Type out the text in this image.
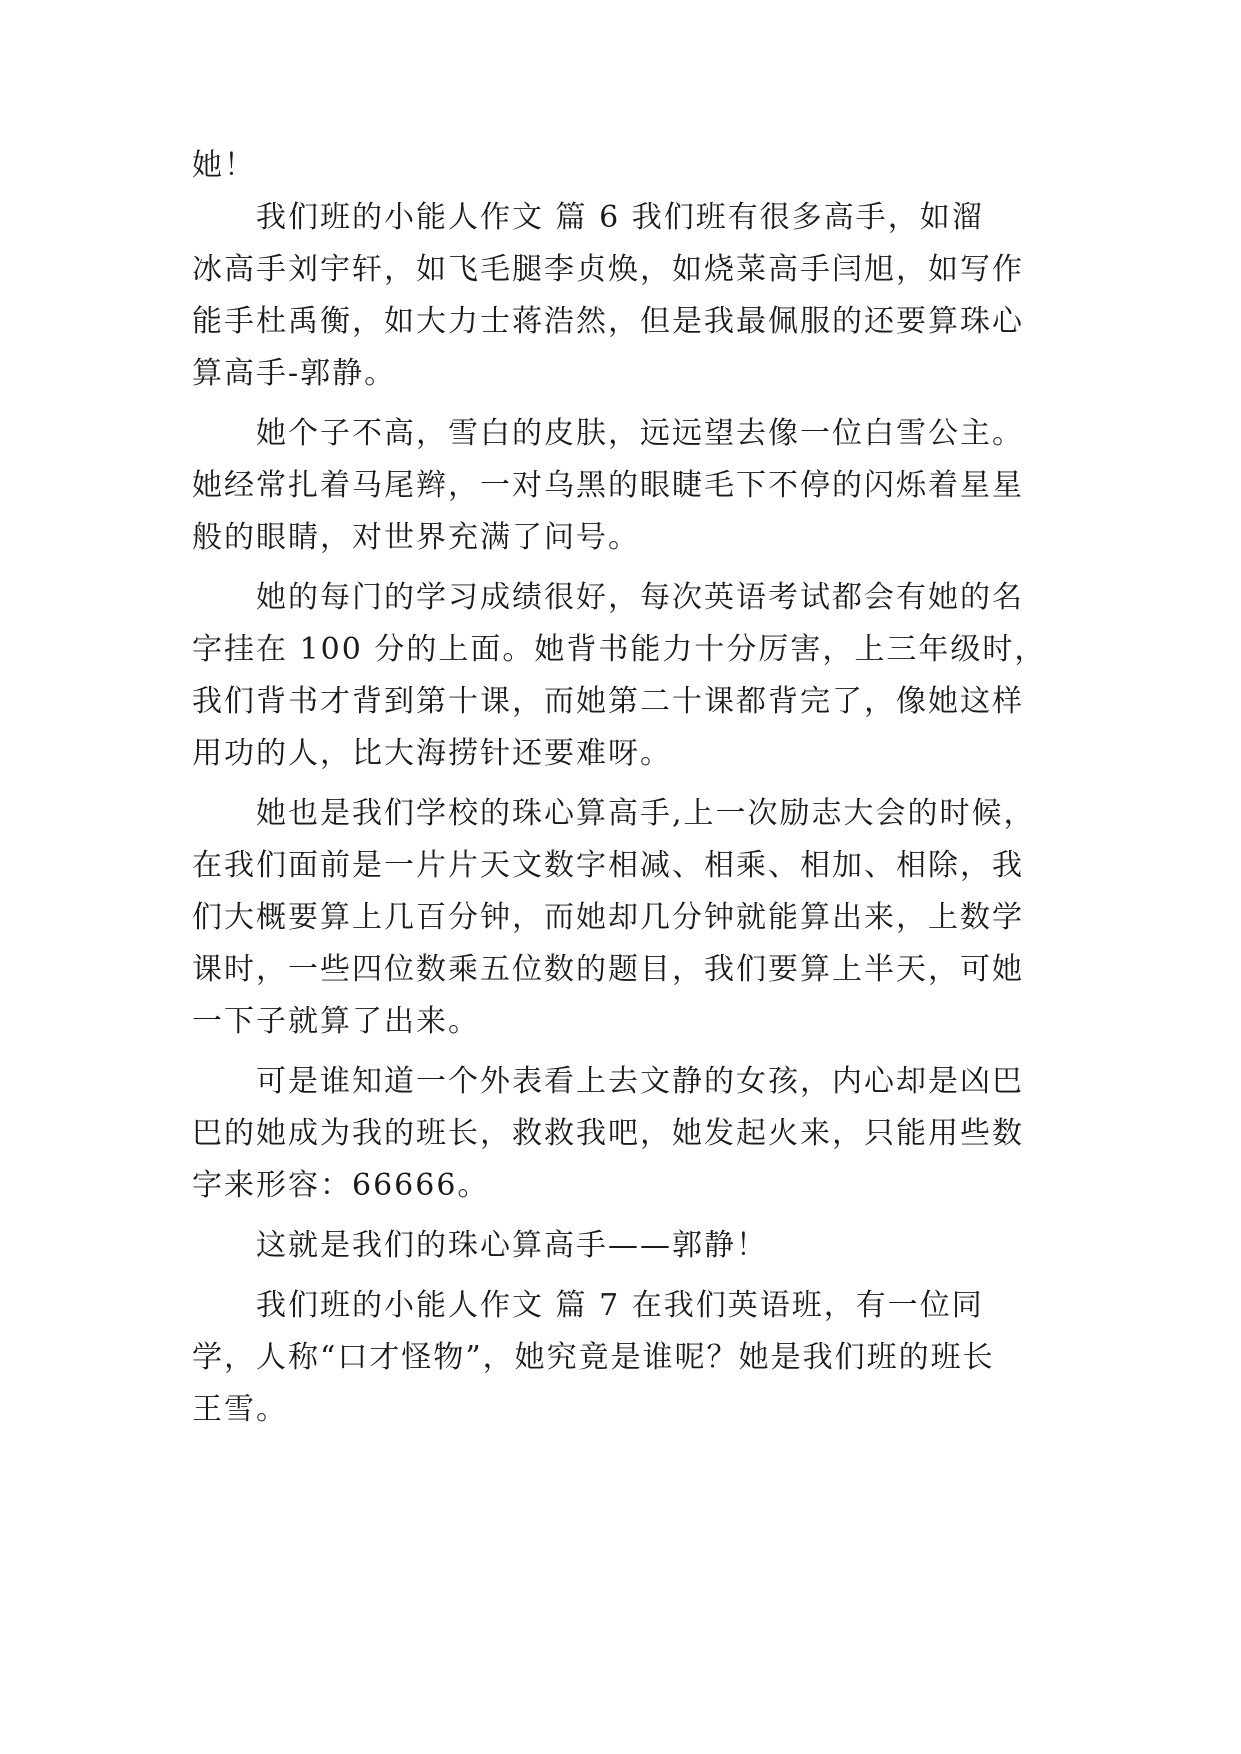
她！
我们班的小能人作文 篇 6 我们班有很多高手，如溜
冰高手刘宇轩，如飞毛腿李贞焕，如烧菜高手闫旭，如写作
能手杜禹衡，如大力士蒋浩然，但是我最佩服的还要算珠心
算高手-郭静。
她个子不高，雪白的皮肤，远远望去像一位白雪公主。
她经常扎着马尾辫，一对乌黑的眼睫毛下不停的闪烁着星星
般的眼睛，对世界充满了问号。
她的每门的学习成绩很好，每次英语考试都会有她的名
字挂在 100 分的上面。她背书能力十分厉害，上三年级时，
我们背书才背到第十课，而她第二十课都背完了，像她这样
用功的人，比大海捞针还要难呀。
她也是我们学校的珠心算高手,上一次励志大会的时候，
在我们面前是一片片天文数字相减、相乘、相加、相除，我
们大概要算上几百分钟，而她却几分钟就能算出来，上数学
课时，一些四位数乘五位数的题目，我们要算上半天，可她
一下子就算了出来。
可是谁知道一个外表看上去文静的女孩，内心却是凶巴
巴的她成为我的班长，救救我吧，她发起火来，只能用些数
字来形容：66666。
这就是我们的珠心算高手——郭静！
我们班的小能人作文 篇 7 在我们英语班，有一位同
学，人称“口才怪物”，她究竟是谁呢？她是我们班的班长
王雪。
